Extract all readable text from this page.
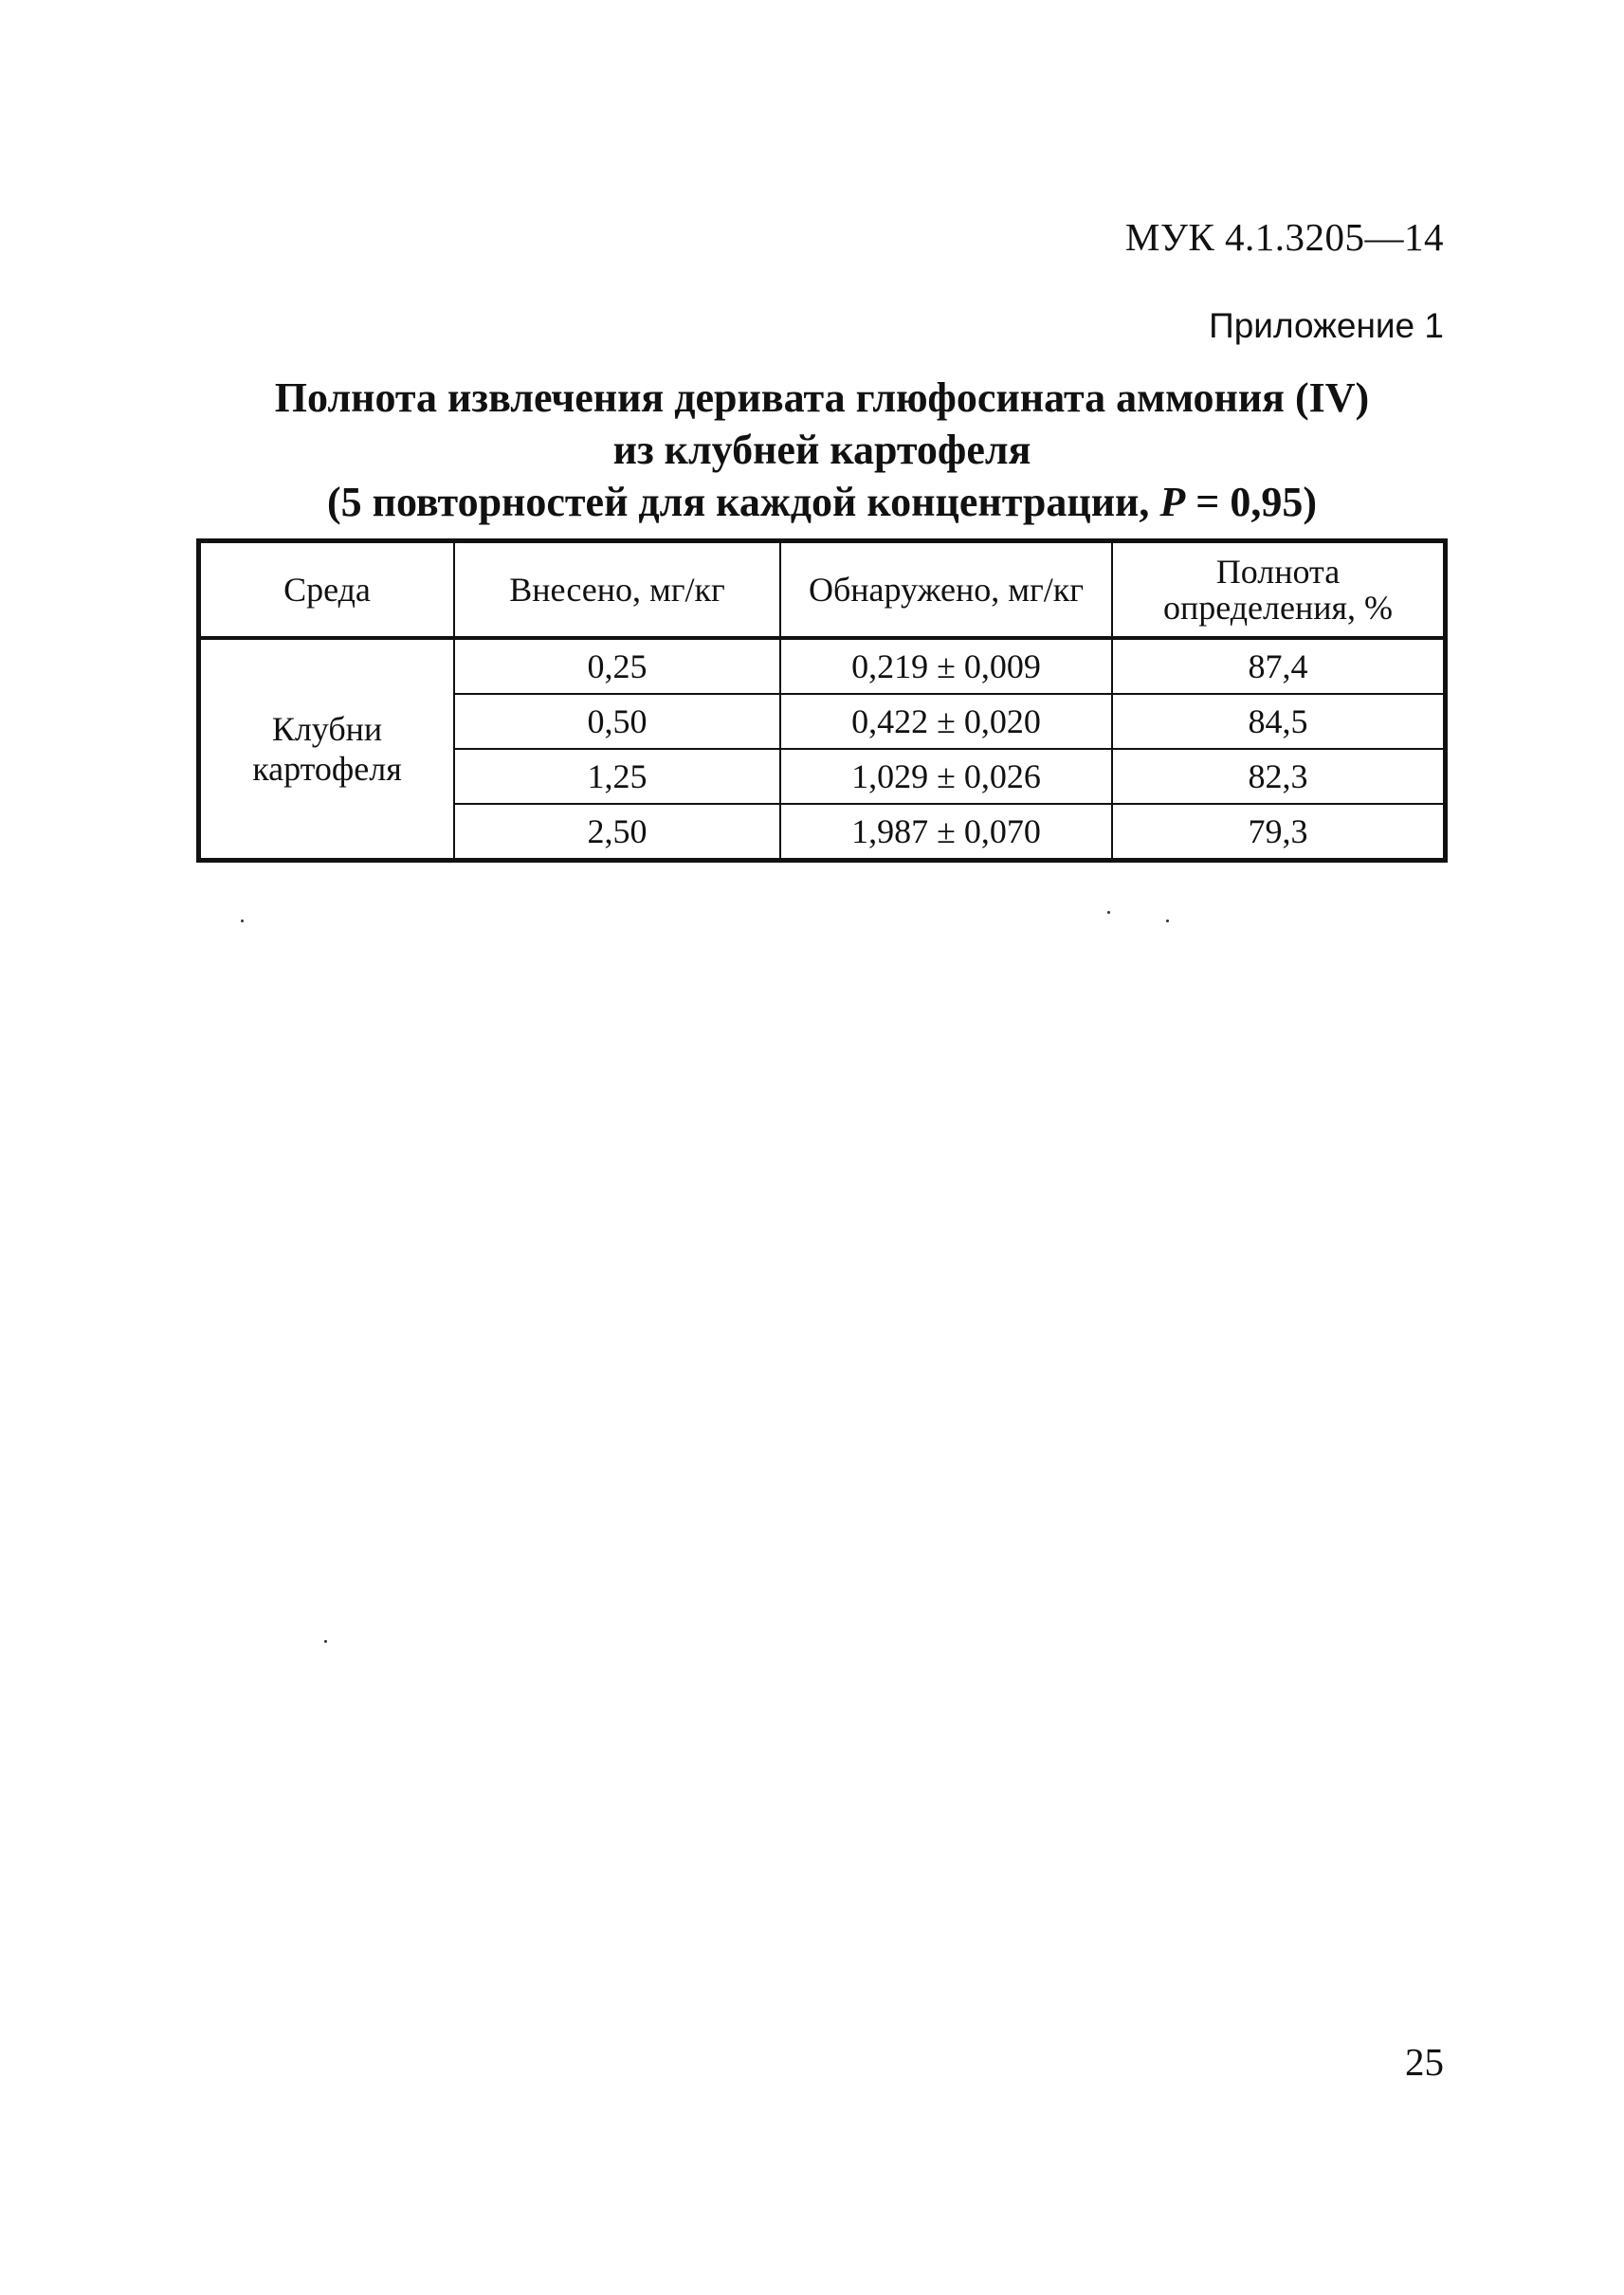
МУК 4.1.3205—14
Приложение 1
Полнота извлечения деривата глюфосината аммония (IV)
из клубней картофеля
(5 повторностей для каждой концентрации, P = 0,95)
Среда	Внесено, мг/кг	Обнаружено, мг/кг	Полнота
определения, %
Клубни
картофеля	0,25	0,219 ± 0,009	87,4
	0,50	0,422 ± 0,020	84,5
	1,25	1,029 ± 0,026	82,3
	2,50	1,987 ± 0,070	79,3
25
